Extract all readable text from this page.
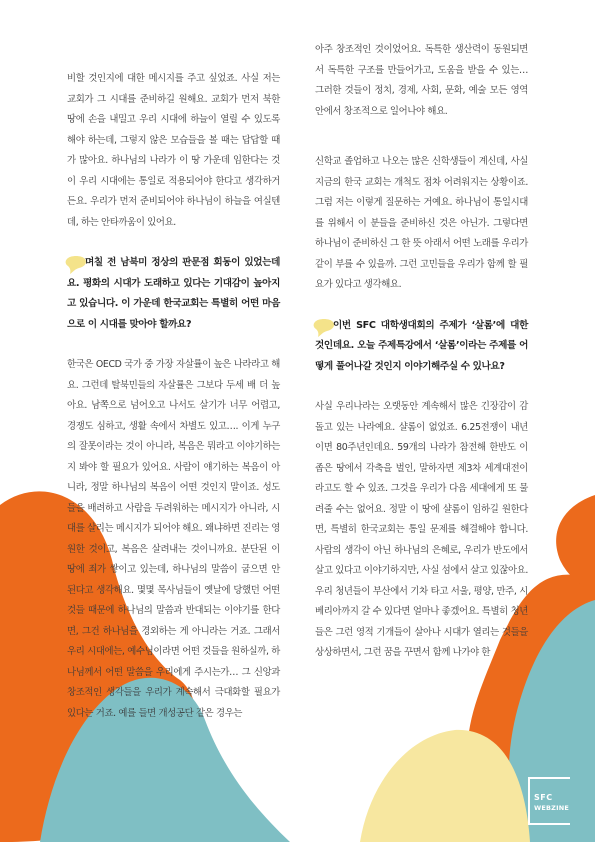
비할 것인지에 대한 메시지를 주고 싶었죠. 사실 저는 교회가 그 시대를 준비하길 원해요. 교회가 먼저 북한 땅에 손을 내밀고 우리 시대에 하늘이 열릴 수 있도록 해야 하는데, 그렇지 않은 모습들을 볼 때는 답답할 때가 많아요. 하나님의 나라가 이 땅 가운데 임한다는 것이 우리 시대에는 통일로 적용되어야 한다고 생각하거든요. 우리가 먼저 준비되어야 하나님이 하늘을 여실텐데, 하는 안타까움이 있어요.

며칠 전 남북미 정상의 판문점 회동이 있었는데요. 평화의 시대가 도래하고 있다는 기대감이 높아지고 있습니다. 이 가운데 한국교회는 특별히 어떤 마음으로 이 시대를 맞아야 할까요?

한국은 OECD 국가 중 가장 자살률이 높은 나라라고 해요. 그런데 탈북민들의 자살률은 그보다 두세 배 더 높아요. 남쪽으로 넘어오고 나서도 살기가 너무 어렵고, 경쟁도 심하고, 생활 속에서 차별도 있고…. 이게 누구의 잘못이라는 것이 아니라, 복음은 뭐라고 이야기하는지 봐야 할 필요가 있어요. 사람이 얘기하는 복음이 아니라, 정말 하나님의 복음이 어떤 것인지 말이죠. 성도들을 배려하고 사람을 두려워하는 메시지가 아니라, 시대를 살리는 메시지가 되어야 해요. 왜냐하면 진리는 영원한 것이고, 복음은 살려내는 것이니까요. 분단된 이 땅에 죄가 쌓이고 있는데, 하나님의 말씀이 굽으면 안 된다고 생각해요. 몇몇 목사님들이 옛날에 당했던 어떤 것들 때문에 하나님의 말씀과 반대되는 이야기를 한다면, 그건 하나님을 경외하는 게 아니라는 거죠. 그래서 우리 시대에는, 예수님이라면 어떤 것들을 원하실까, 하나님께서 어떤 말씀을 우리에게 주시는가… 그 신앙과 창조적인 생각들을 우리가 계속해서 극대화할 필요가 있다는 거죠. 예를 들면 개성공단 같은 경우는

아주 창조적인 것이었어요. 독특한 생산력이 동원되면서 독특한 구조를 만들어가고, 도움을 받을 수 있는… 그러한 것들이 정치, 경제, 사회, 문화, 예술 모든 영역 안에서 창조적으로 일어나야 해요.

신학교 졸업하고 나오는 많은 신학생들이 계신데, 사실 지금의 한국 교회는 개척도 점차 어려워지는 상황이죠. 그럼 저는 이렇게 질문하는 거예요. 하나님이 통일시대를 위해서 이 분들을 준비하신 것은 아닌가. 그렇다면 하나님이 준비하신 그 한 뜻 아래서 어떤 노래를 우리가 같이 부를 수 있을까. 그런 고민들을 우리가 함께 할 필요가 있다고 생각해요.

이번 SFC 대학생대회의 주제가 ‘살롬’에 대한 것인데요. 오늘 주제특강에서 ‘살롬’이라는 주제를 어떻게 풀어나갈 것인지 이야기해주실 수 있나요?

사실 우리나라는 오랫동안 계속해서 많은 긴장감이 감돌고 있는 나라예요. 샬롬이 없었죠. 6.25전쟁이 내년이면 80주년인데요. 59개의 나라가 참전해 한반도 이 좁은 땅에서 각축을 벌인, 말하자면 제3차 세계대전이라고도 할 수 있죠. 그것을 우리가 다음 세대에게 또 물려줄 수는 없어요. 정말 이 땅에 샬롬이 임하길 원한다면, 특별히 한국교회는 통일 문제를 해결해야 합니다. 사람의 생각이 아닌 하나님의 은혜로, 우리가 반도에서 살고 있다고 이야기하지만, 사실 섬에서 살고 있잖아요. 우리 청년들이 부산에서 기차 타고 서울, 평양, 만주, 시베리아까지 갈 수 있다면 얼마나 좋겠어요. 특별히 청년들은 그런 영적 기개들이 살아나 시대가 열리는 것들을 상상하면서, 그런 꿈을 꾸면서 함께 나가야 한

SFC
WEBZINE
